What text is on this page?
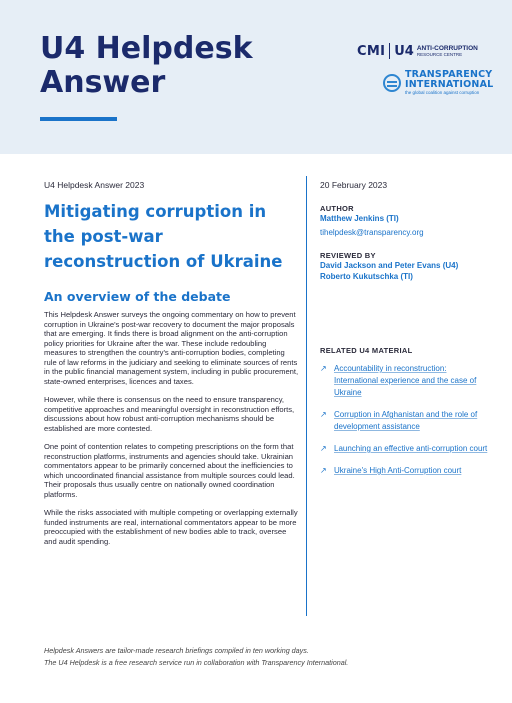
U4 Helpdesk
Answer
CMI U4 ANTI-CORRUPTION
RESOURCE CENTRE
TRANSPARENCY
INTERNATIONAL
the global coalition against corruption
U4 Helpdesk Answer 2023
Mitigating corruption in the post-war reconstruction of Ukraine
An overview of the debate

This Helpdesk Answer surveys the ongoing commentary on how to prevent corruption in Ukraine's post-war recovery to document the major proposals that are emerging. It finds there is broad alignment on the anti-corruption policy priorities for Ukraine after the war. These include redoubling measures to strengthen the country's anti-corruption bodies, completing rule of law reforms in the judiciary and seeking to eliminate sources of rents in the public financial management system, including in public procurement, state-owned enterprises, licences and taxes.

However, while there is consensus on the need to ensure transparency, competitive approaches and meaningful oversight in reconstruction efforts, discussions about how robust anti-corruption mechanisms should be established are more contested.

One point of contention relates to competing prescriptions on the form that reconstruction platforms, instruments and agencies should take. Ukrainian commentators appear to be primarily concerned about the inefficiencies to which uncoordinated financial assistance from multiple sources could lead. Their proposals thus usually centre on nationally owned coordination platforms.

While the risks associated with multiple competing or overlapping externally funded instruments are real, international commentators appear to be more preoccupied with the establishment of new bodies able to track, oversee and audit spending.

20 February 2023
AUTHOR
Matthew Jenkins (TI)
tihelpdesk@transparency.org
REVIEWED BY
David Jackson and Peter Evans (U4)
Roberto Kukutschka (TI)
RELATED U4 MATERIAL
↗ Accountability in reconstruction: International experience and the case of Ukraine
↗ Corruption in Afghanistan and the role of development assistance
↗ Launching an effective anti-corruption court
↗ Ukraine's High Anti-Corruption court
Helpdesk Answers are tailor-made research briefings compiled in ten working days.
The U4 Helpdesk is a free research service run in collaboration with Transparency International.
